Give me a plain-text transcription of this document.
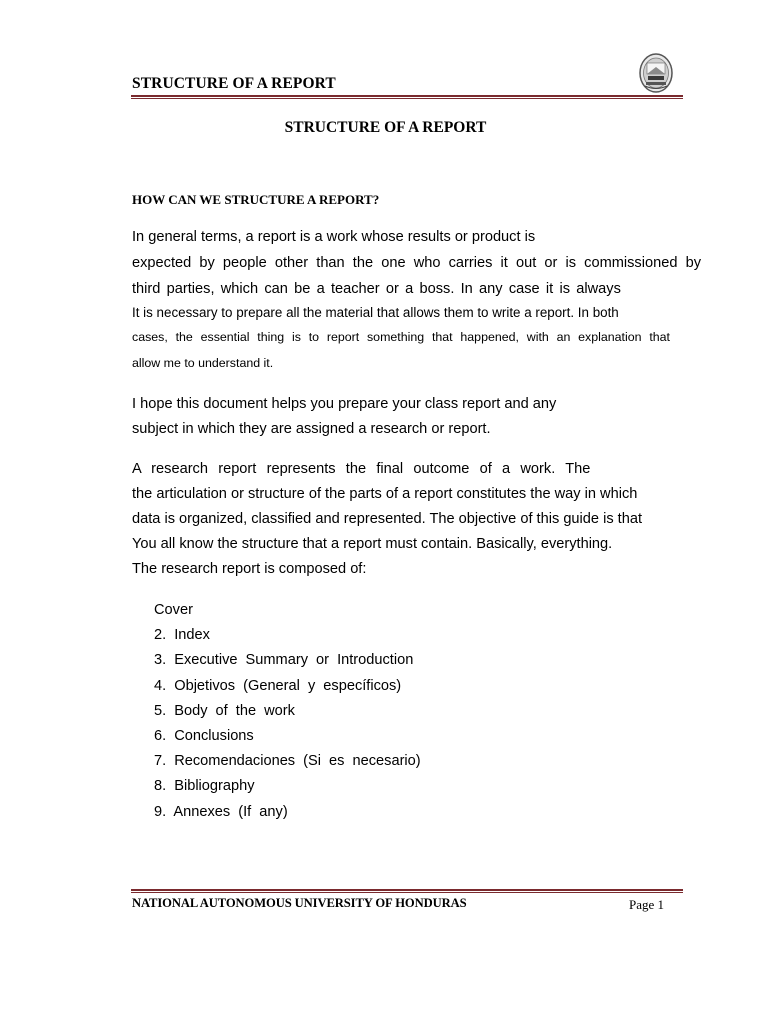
STRUCTURE OF A REPORT
STRUCTURE OF A REPORT
HOW CAN WE STRUCTURE A REPORT?
In general terms, a report is a work whose results or product is
expected by people other than the one who carries it out or is commissioned by
third parties, which can be a teacher or a boss. In any case it is always
It is necessary to prepare all the material that allows them to write a report. In both
cases, the essential thing is to report something that happened, with an explanation that
allow me to understand it.
I hope this document helps you prepare your class report and any
subject in which they are assigned a research or report.
A research report represents the final outcome of a work. The
the articulation or structure of the parts of a report constitutes the way in which
data is organized, classified and represented. The objective of this guide is that
You all know the structure that a report must contain. Basically, everything.
The research report is composed of:
Cover
2. Index
3. Executive Summary or Introduction
4. Objetivos (General y específicos)
5. Body of the work
6. Conclusions
7. Recomendaciones (Si es necesario)
8. Bibliography
9. Annexes (If any)
NATIONAL AUTONOMOUS UNIVERSITY OF HONDURAS	Page 1
